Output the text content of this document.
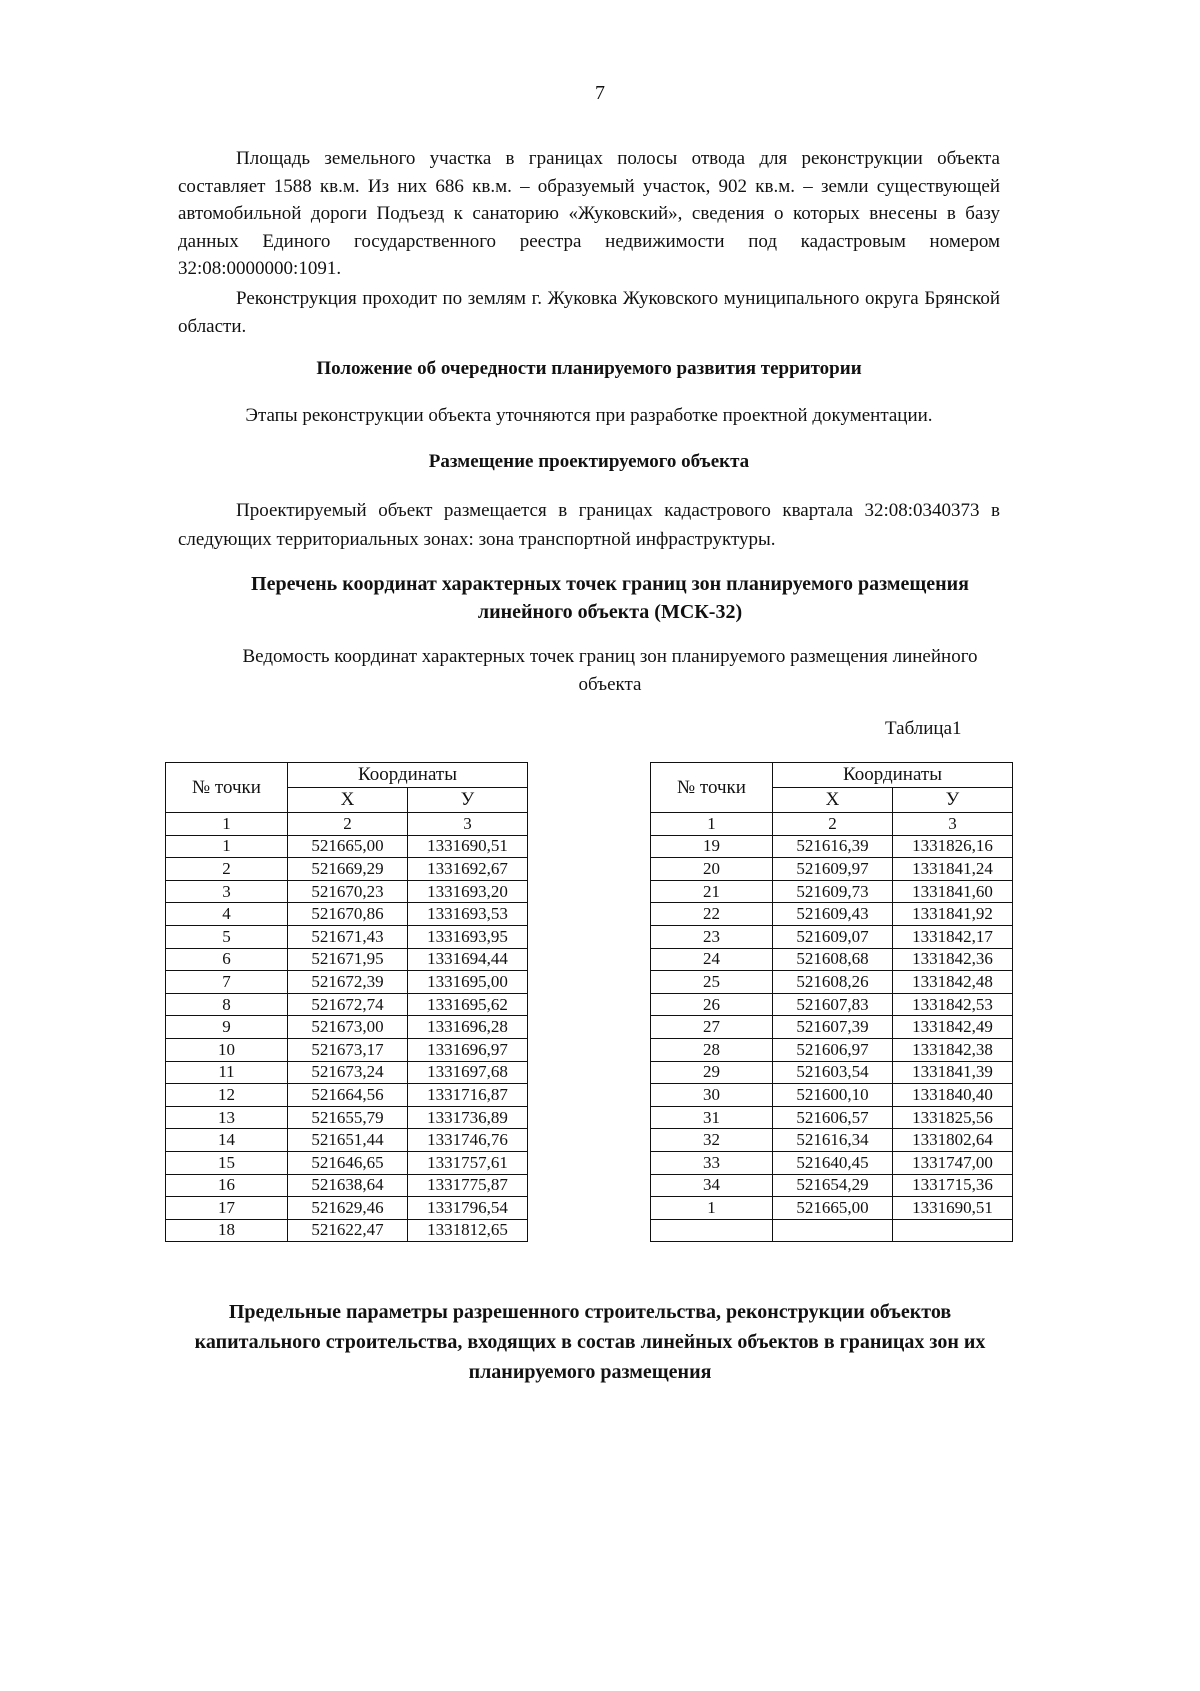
7
Площадь земельного участка в границах полосы отвода для реконструкции объекта составляет 1588 кв.м. Из них 686 кв.м. – образуемый участок, 902 кв.м. – земли существующей автомобильной дороги Подъезд к санаторию «Жуковский», сведения о которых внесены в базу данных Единого государственного реестра недвижимости под кадастровым номером 32:08:0000000:1091.
Реконструкция проходит по землям г. Жуковка Жуковского муниципального округа Брянской области.
Положение об очередности планируемого развития территории
Этапы реконструкции объекта уточняются при разработке проектной документации.
Размещение проектируемого объекта
Проектируемый объект размещается в границах кадастрового квартала 32:08:0340373 в следующих территориальных зонах: зона транспортной инфраструктуры.
Перечень координат характерных точек границ зон планируемого размещения линейного объекта (МСК-32)
Ведомость координат характерных точек границ зон планируемого размещения линейного объекта
Таблица1
№ точки	Координаты	
	X	У
1	2	3
1	521665,00	1331690,51
2	521669,29	1331692,67
3	521670,23	1331693,20
4	521670,86	1331693,53
5	521671,43	1331693,95
6	521671,95	1331694,44
7	521672,39	1331695,00
8	521672,74	1331695,62
9	521673,00	1331696,28
10	521673,17	1331696,97
11	521673,24	1331697,68
12	521664,56	1331716,87
13	521655,79	1331736,89
14	521651,44	1331746,76
15	521646,65	1331757,61
16	521638,64	1331775,87
17	521629,46	1331796,54
18	521622,47	1331812,65
№ точки	Координаты	
	X	У
1	2	3
19	521616,39	1331826,16
20	521609,97	1331841,24
21	521609,73	1331841,60
22	521609,43	1331841,92
23	521609,07	1331842,17
24	521608,68	1331842,36
25	521608,26	1331842,48
26	521607,83	1331842,53
27	521607,39	1331842,49
28	521606,97	1331842,38
29	521603,54	1331841,39
30	521600,10	1331840,40
31	521606,57	1331825,56
32	521616,34	1331802,64
33	521640,45	1331747,00
34	521654,29	1331715,36
1	521665,00	1331690,51

Предельные параметры разрешенного строительства, реконструкции объектов капитального строительства, входящих в состав линейных объектов в границах зон их планируемого размещения
